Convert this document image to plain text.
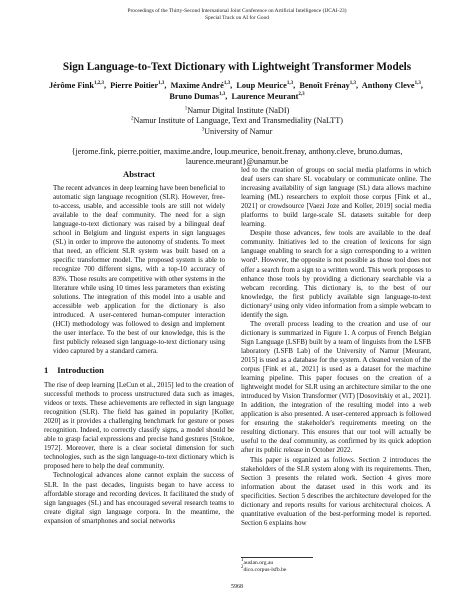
Proceedings of the Thirty-Second International Joint Conference on Artificial Intelligence (IJCAI-23)
Special Track on AI for Good
Sign Language-to-Text Dictionary with Lightweight Transformer Models
Jérôme Fink$^{1,2,3}$,  Pierre Poitier$^{1,3}$,  Maxime André$^{1,3}$,  Loup Meurice$^{1,3}$,  Benoît Frénay$^{1,3}$,  Anthony Cleve$^{1,3}$,  Bruno Dumas$^{1,3}$,  Laurence Meurant$^{2,3}$
$^1$Namur Digital Institute (NaDI)
$^2$Namur Institute of Language, Text and Transmediality (NaLTT)
$^3$University of Namur
{jerome.fink, pierre.poitier, maxime.andre, loup.meurice, benoit.frenay, anthony.cleve, bruno.dumas,
laurence.meurant}@unamur.be
Abstract

The recent advances in deep learning have been beneficial to automatic sign language recognition (SLR). However, free-to-access, usable, and accessible tools are still not widely available to the deaf community. The need for a sign language-to-text dictionary was raised by a bilingual deaf school in Belgium and linguist experts in sign languages (SL) in order to improve the autonomy of students. To meet that need, an efficient SLR system was built based on a specific transformer model. The proposed system is able to recognize 700 different signs, with a top-10 accuracy of 83%. Those results are competitive with other systems in the literature while using 10 times less parameters than existing solutions. The integration of this model into a usable and accessible web application for the dictionary is also introduced. A user-centered human-computer interaction (HCI) methodology was followed to design and implement the user interface. To the best of our knowledge, this is the first publicly released sign language-to-text dictionary using video captured by a standard camera.

1 Introduction

The rise of deep learning [LeCun et al., 2015] led to the creation of successful methods to process unstructured data such as images, videos or texts. These achievements are reflected in sign language recognition (SLR). The field has gained in popularity [Koller, 2020] as it provides a challenging benchmark for gesture or poses recognition. Indeed, to correctly classify signs, a model should be able to grasp facial expressions and precise hand gestures [Stokoe, 1972]. Moreover, there is a clear societal dimension for such technologies, such as the sign language-to-text dictionary which is proposed here to help the deaf community.

Technological advances alone cannot explain the success of SLR. In the past decades, linguists began to have access to affordable storage and recording devices. It facilitated the study of sign languages (SL) and has encouraged several research teams to create digital sign language corpora. In the meantime, the expansion of smartphones and social networks

led to the creation of groups on social media platforms in which deaf users can share SL vocabulary or communicate online. The increasing availability of sign language (SL) data allows machine learning (ML) researchers to exploit those corpus [Fink et al., 2021] or crowdsource [Vaezi Joze and Koller, 2019] social media platforms to build large-scale SL datasets suitable for deep learning.

Despite those advances, few tools are available to the deaf community. Initiatives led to the creation of lexicons for sign language enabling to search for a sign corresponding to a written word¹. However, the opposite is not possible as those tool does not offer a search from a sign to a written word. This work proposes to enhance those tools by providing a dictionary searchable via a webcam recording. This dictionary is, to the best of our knowledge, the first publicly available sign language-to-text dictionary² using only video information from a simple webcam to identify the sign.

The overall process leading to the creation and use of our dictionary is summarized in Figure 1. A corpus of French Belgian Sign Language (LSFB) built by a team of linguists from the LSFB laboratory (LSFB Lab) of the University of Namur [Meurant, 2015] is used as a database for the system. A cleaned version of the corpus [Fink et al., 2021] is used as a dataset for the machine learning pipeline. This paper focuses on the creation of a lightweight model for SLR using an architecture similar to the one introduced by Vision Transformer (ViT) [Dosovitskiy et al., 2021]. In addition, the integration of the resulting model into a web application is also presented. A user-centered approach is followed for ensuring the stakeholder's requirements meeting on the resulting dictionary. This ensures that our tool will actually be useful to the deaf community, as confirmed by its quick adoption after its public release in October 2022.

This paper is organized as follows. Section 2 introduces the stakeholders of the SLR system along with its requirements. Then, Section 3 presents the related work. Section 4 gives more information about the dataset used in this work and its specificities. Section 5 describes the architecture developed for the dictionary and reports results for various architectural choices. A quantitative evaluation of the best-performing model is reported. Section 6 explains how

$^1$auslan.org.au
$^2$dico.corpus-lsfb.be
5968
